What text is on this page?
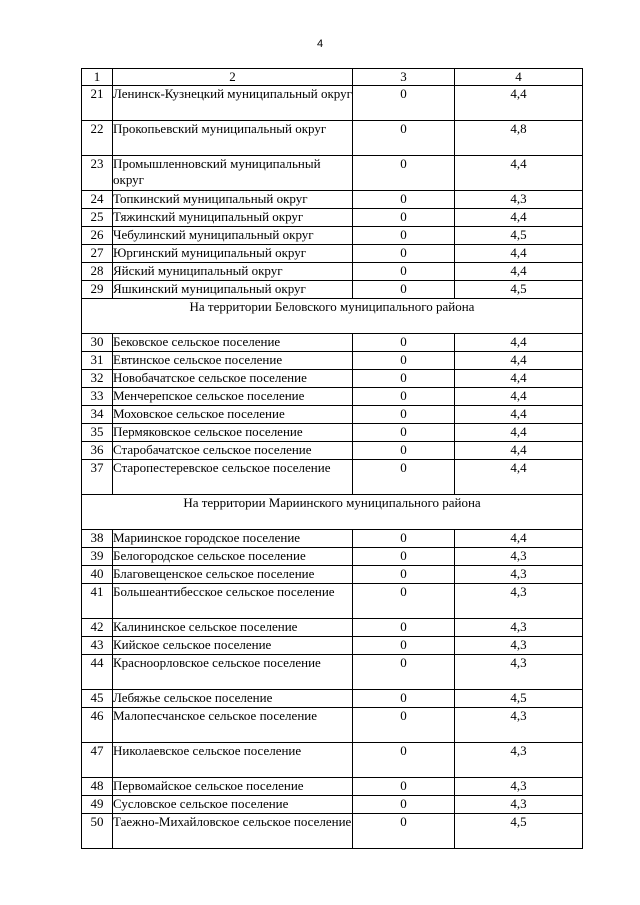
4
1	2	3	4
21	Ленинск-Кузнецкий муниципальный округ	0	4,4
22	Прокопьевский муниципальный округ	0	4,8
23	Промышленновский муниципальный округ	0	4,4
24	Топкинский муниципальный округ	0	4,3
25	Тяжинский муниципальный округ	0	4,4
26	Чебулинский муниципальный округ	0	4,5
27	Юргинский муниципальный округ	0	4,4
28	Яйский муниципальный округ	0	4,4
29	Яшкинский муниципальный округ	0	4,5
На территории Беловского муниципального района			
30	Бековское сельское поселение	0	4,4
31	Евтинское сельское поселение	0	4,4
32	Новобачатское сельское поселение	0	4,4
33	Менчерепское сельское поселение	0	4,4
34	Моховское сельское поселение	0	4,4
35	Пермяковское сельское поселение	0	4,4
36	Старобачатское сельское поселение	0	4,4
37	Старопестеревское сельское поселение	0	4,4
На территории Мариинского муниципального района			
38	Мариинское городское поселение	0	4,4
39	Белогородское сельское поселение	0	4,3
40	Благовещенское сельское поселение	0	4,3
41	Большеантибесское сельское поселение	0	4,3
42	Калининское сельское поселение	0	4,3
43	Кийское сельское поселение	0	4,3
44	Красноорловское сельское поселение	0	4,3
45	Лебяжье сельское поселение	0	4,5
46	Малопесчанское сельское поселение	0	4,3
47	Николаевское сельское поселение	0	4,3
48	Первомайское сельское поселение	0	4,3
49	Сусловское сельское поселение	0	4,3
50	Таежно-Михайловское сельское поселение	0	4,5
